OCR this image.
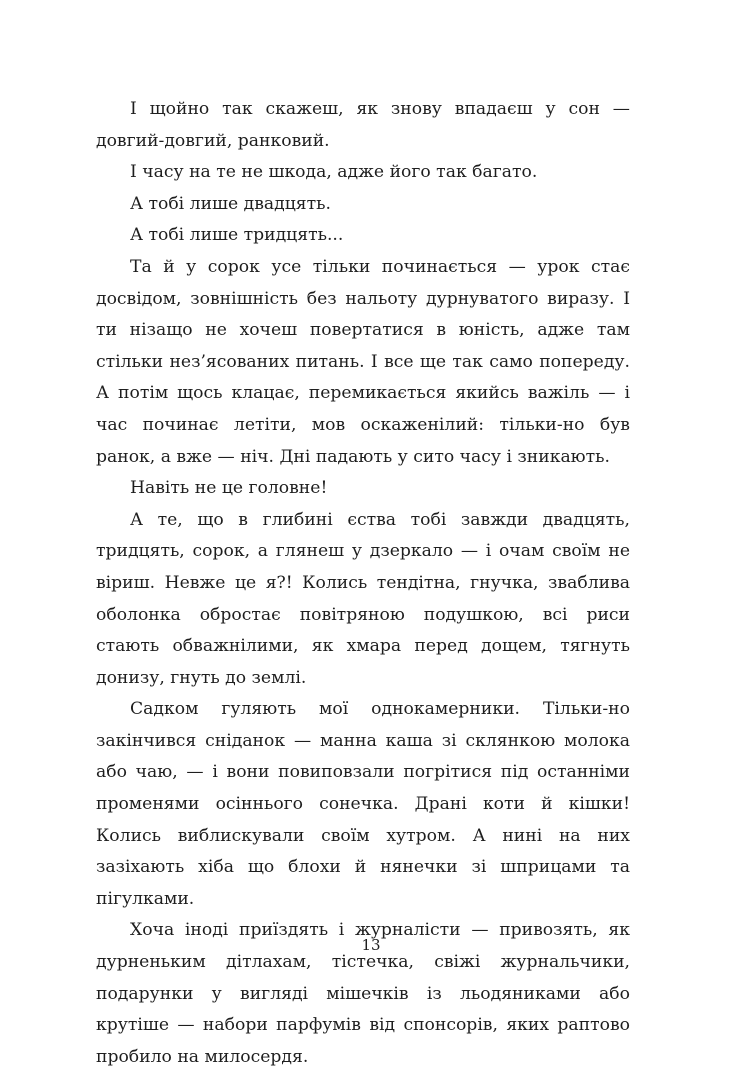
І щойно так скажеш, як знову впадаєш у сон — довгий-довгий, ранковий.

І часу на те не шкода, адже його так багато.

А тобі лише двадцять.

А тобі лише тридцять...

Та й у сорок усе тільки починається — урок стає досвідом, зовнішність без нальоту дурнуватого виразу. І ти нізащо не хочеш повертатися в юність, адже там стільки нез’ясованих питань. І все ще так само попереду. А потім щось клацає, перемикається якийсь важіль — і час починає летіти, мов оскаженілий: тільки-но був ранок, а вже — ніч. Дні падають у сито часу і зникають.

Навіть не це головне!

А те, що в глибині єства тобі завжди двадцять, тридцять, сорок, а глянеш у дзеркало — і очам своїм не віриш. Невже це я?! Колись тендітна, гнучка, зваблива оболонка обростає повітряною подушкою, всі риси стають обважнілими, як хмара перед дощем, тягнуть донизу, гнуть до землі.

Садком гуляють мої однокамерники. Тільки-но закінчився сніданок — манна каша зі склянкою молока або чаю, — і вони повиповзали погрітися під останніми променями осіннього сонечка. Драні коти й кішки! Колись виблискували своїм хутром. А нині на них зазіхають хіба що блохи й нянечки зі шприцами та пігулками.

Хоча іноді приїздять і журналісти — привозять, як дурненьким дітлахам, тістечка, свіжі журнальчики, подарунки у вигляді мішечків із льодяниками або крутіше — набори парфумів від спонсорів, яких раптово пробило на милосердя.

13
